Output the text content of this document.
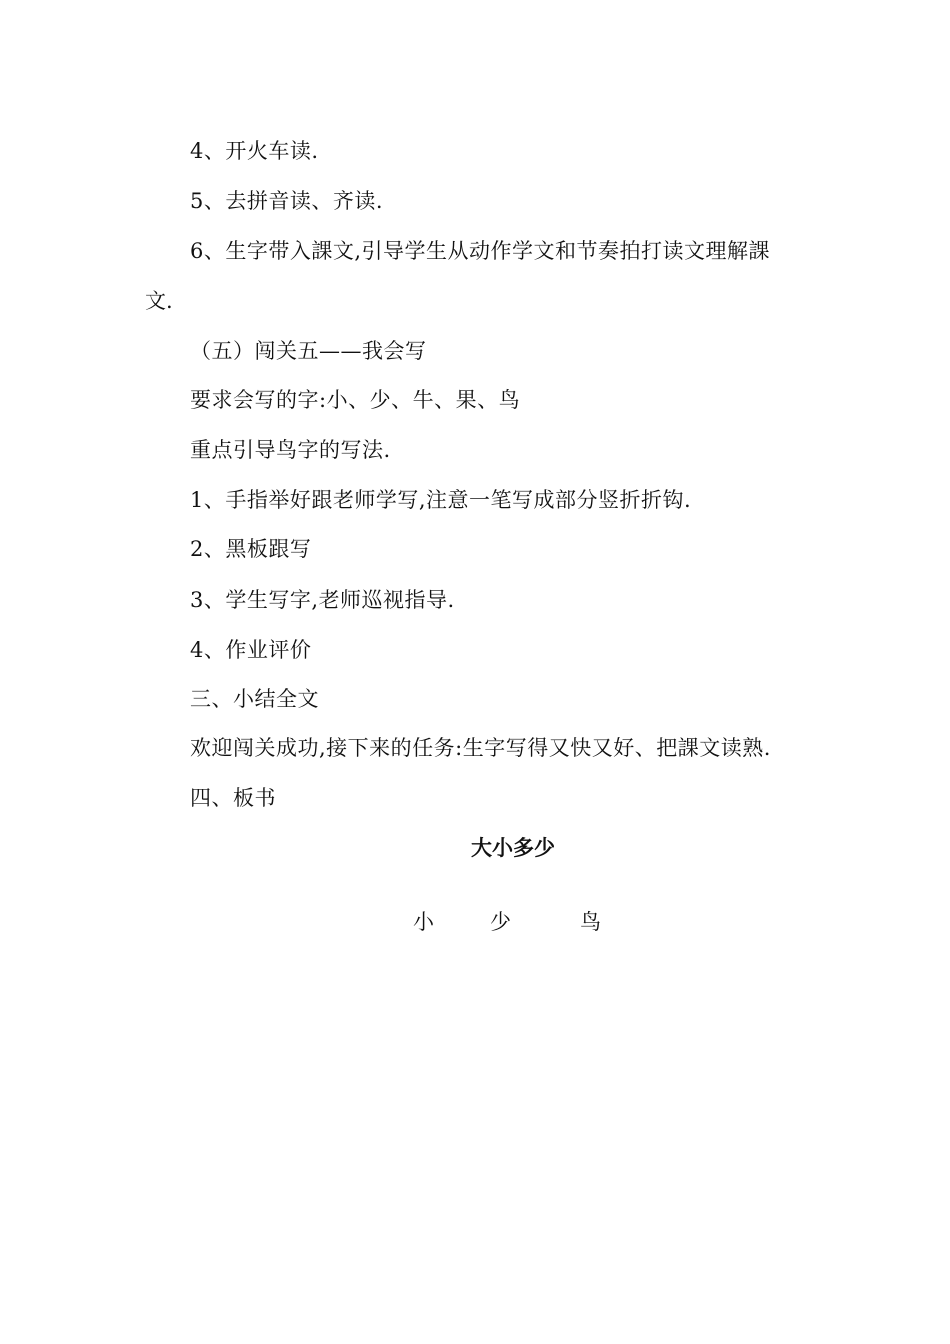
4、开火车读.
5、去拼音读、齐读.
6、生字带入課文,引导学生从动作学文和节奏拍打读文理解課
文.
（五）闯关五——我会写
要求会写的字:小、少、牛、果、鸟
重点引导鸟字的写法.
1、手指举好跟老师学写,注意一笔写成部分竖折折钩.
2、黑板跟写
3、学生写字,老师巡视指导.
4、作业评价
三、小结全文
欢迎闯关成功,接下来的任务:生字写得又快又好、把課文读熟.
四、板书
大小多少
小	少	鸟
